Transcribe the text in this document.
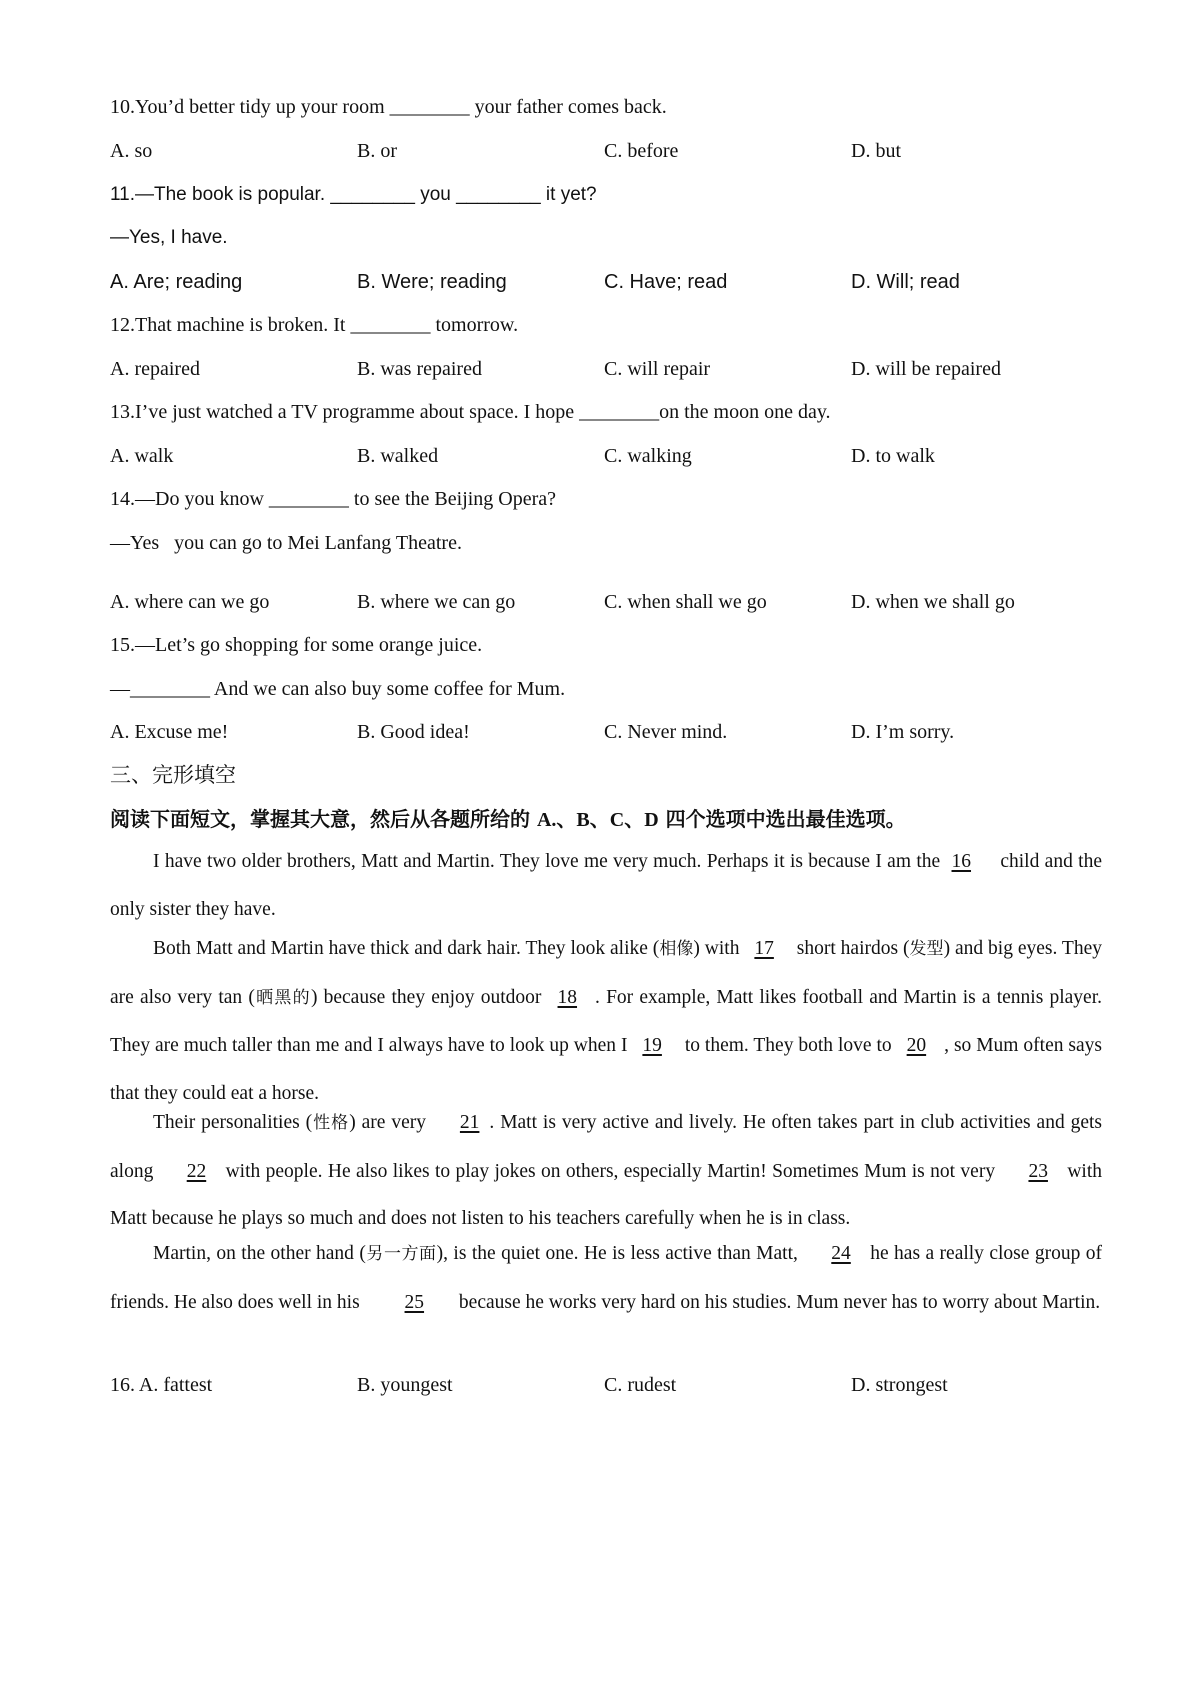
10.You’d better tidy up your room ________ your father comes back.
A. so	B. or	C. before	D. but
11.—The book is popular. ________ you ________ it yet?
—Yes, I have.
A. Are; reading	B. Were; reading	C. Have; read	D. Will; read
12.That machine is broken. It ________ tomorrow.
A. repaired	B. was repaired	C. will repair	D. will be repaired
13.I’ve just watched a TV programme about space. I hope ________on the moon one day.
A. walk	B. walked	C. walking	D. to walk
14.—Do you know ________ to see the Beijing Opera?
—Yes   you can go to Mei Lanfang Theatre.
A. where can we go	B. where we can go	C. when shall we go	D. when we shall go
15.—Let’s go shopping for some orange juice.
—________ And we can also buy some coffee for Mum.
A. Excuse me!	B. Good idea!	C. Never mind.	D. I’m sorry.
三、完形填空
阅读下面短文，掌握其大意，然后从各题所给的 A.、B、C、D 四个选项中选出最佳选项。
I have two older brothers, Matt and Martin. They love me very much. Perhaps it is because I am the 16 child and the only sister they have.
Both Matt and Martin have thick and dark hair. They look alike (相像) with 17 short hairdos (发型) and big eyes. They are also very tan (晒黑的) because they enjoy outdoor 18 . For example, Matt likes football and Martin is a tennis player. They are much taller than me and I always have to look up when I 19 to them. They both love to 20 , so Mum often says that they could eat a horse.
Their personalities (性格) are very 21 . Matt is very active and lively. He often takes part in club activities and gets along 22 with people. He also likes to play jokes on others, especially Martin! Sometimes Mum is not very 23 with Matt because he plays so much and does not listen to his teachers carefully when he is in class.
Martin, on the other hand (另一方面), is the quiet one. He is less active than Matt, 24 he has a really close group of friends. He also does well in his 25 because he works very hard on his studies. Mum never has to worry about Martin.
16. A. fattest	B. youngest	C. rudest	D. strongest
